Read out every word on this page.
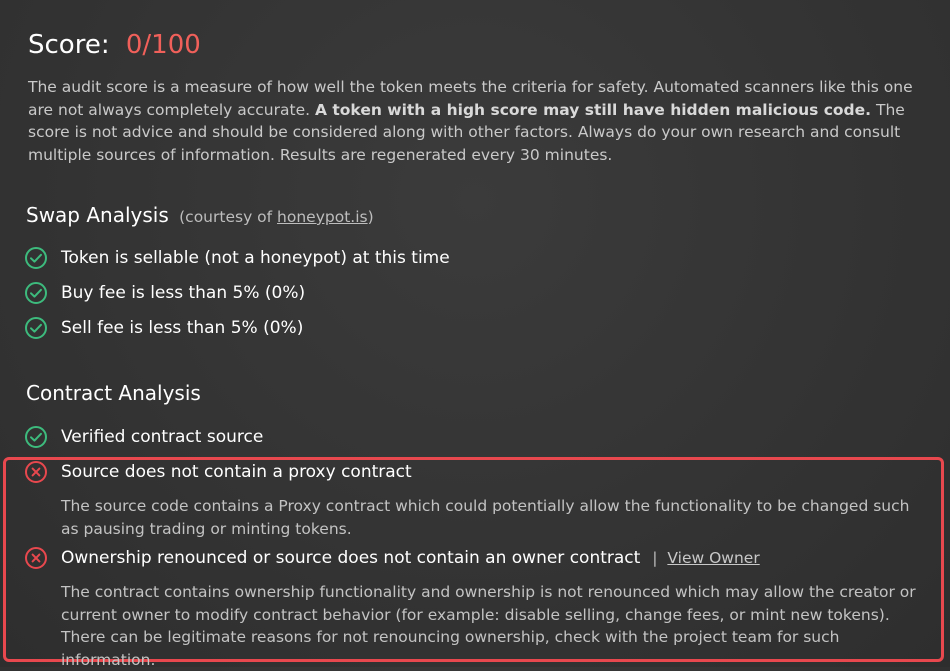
Score: 0/100
The audit score is a measure of how well the token meets the criteria for safety. Automated scanners like this one are not always completely accurate. A token with a high score may still have hidden malicious code. The score is not advice and should be considered along with other factors. Always do your own research and consult multiple sources of information. Results are regenerated every 30 minutes.
Swap Analysis (courtesy of honeypot.is)
Token is sellable (not a honeypot) at this time
Buy fee is less than 5% (0%)
Sell fee is less than 5% (0%)
Contract Analysis
Verified contract source
Source does not contain a proxy contract
The source code contains a Proxy contract which could potentially allow the functionality to be changed such as pausing trading or minting tokens.
Ownership renounced or source does not contain an owner contract | View Owner
The contract contains ownership functionality and ownership is not renounced which may allow the creator or current owner to modify contract behavior (for example: disable selling, change fees, or mint new tokens). There can be legitimate reasons for not renouncing ownership, check with the project team for such information.
